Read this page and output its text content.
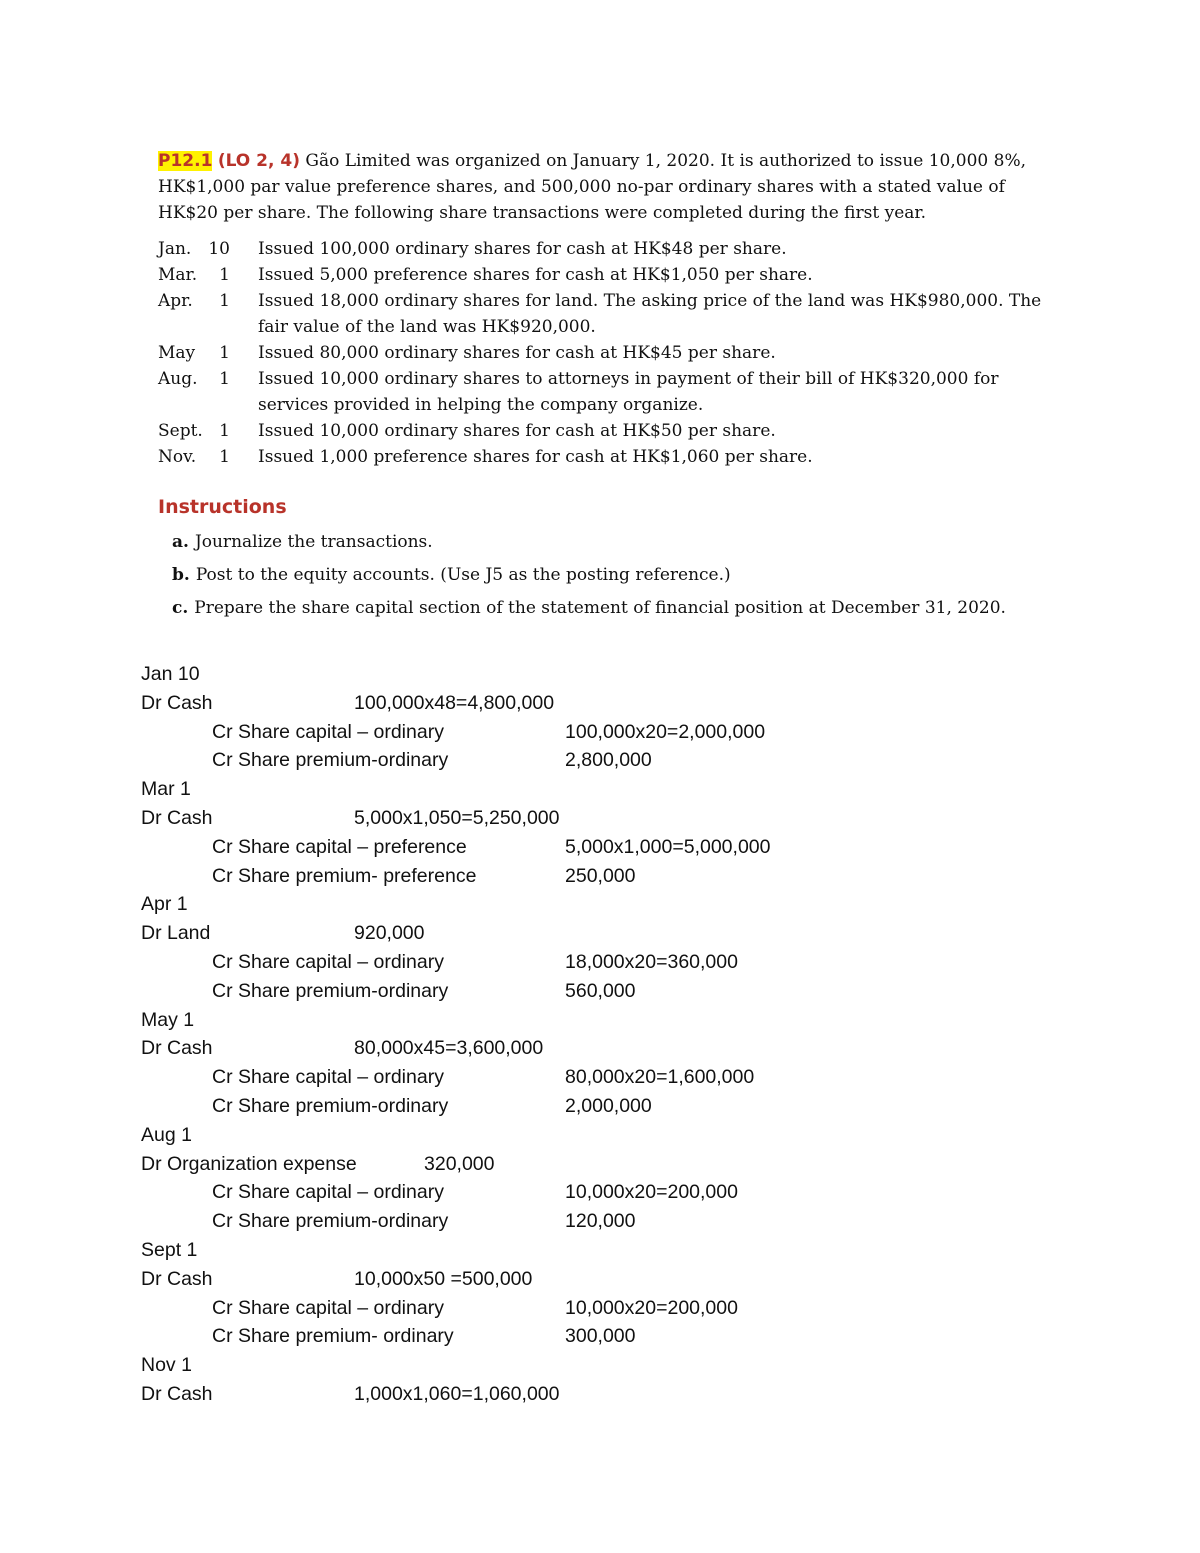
P12.1 (LO 2, 4) Gão Limited was organized on January 1, 2020. It is authorized to issue 10,000 8%, HK$1,000 par value preference shares, and 500,000 no-par ordinary shares with a stated value of HK$20 per share. The following share transactions were completed during the first year.

Jan. 10 Issued 100,000 ordinary shares for cash at HK$48 per share.
Mar. 1 Issued 5,000 preference shares for cash at HK$1,050 per share.
Apr. 1 Issued 18,000 ordinary shares for land. The asking price of the land was HK$980,000. The fair value of the land was HK$920,000.
May 1 Issued 80,000 ordinary shares for cash at HK$45 per share.
Aug. 1 Issued 10,000 ordinary shares to attorneys in payment of their bill of HK$320,000 for services provided in helping the company organize.
Sept. 1 Issued 10,000 ordinary shares for cash at HK$50 per share.
Nov. 1 Issued 1,000 preference shares for cash at HK$1,060 per share.
Instructions
a. Journalize the transactions.
b. Post to the equity accounts. (Use J5 as the posting reference.)
c. Prepare the share capital section of the statement of financial position at December 31, 2020.
Jan 10
Dr Cash	100,000x48=4,800,000
Cr Share capital – ordinary	100,000x20=2,000,000
Cr Share premium-ordinary	2,800,000
Mar 1
Dr Cash	5,000x1,050=5,250,000
Cr Share capital – preference	5,000x1,000=5,000,000
Cr Share premium- preference	250,000
Apr 1
Dr Land	920,000
Cr Share capital – ordinary	18,000x20=360,000
Cr Share premium-ordinary	560,000
May 1
Dr Cash	80,000x45=3,600,000
Cr Share capital – ordinary	80,000x20=1,600,000
Cr Share premium-ordinary	2,000,000
Aug 1
Dr Organization expense	320,000
Cr Share capital – ordinary	10,000x20=200,000
Cr Share premium-ordinary	120,000
Sept 1
Dr Cash	10,000x50 =500,000
Cr Share capital – ordinary	10,000x20=200,000
Cr Share premium- ordinary	300,000
Nov 1
Dr Cash	1,000x1,060=1,060,000
